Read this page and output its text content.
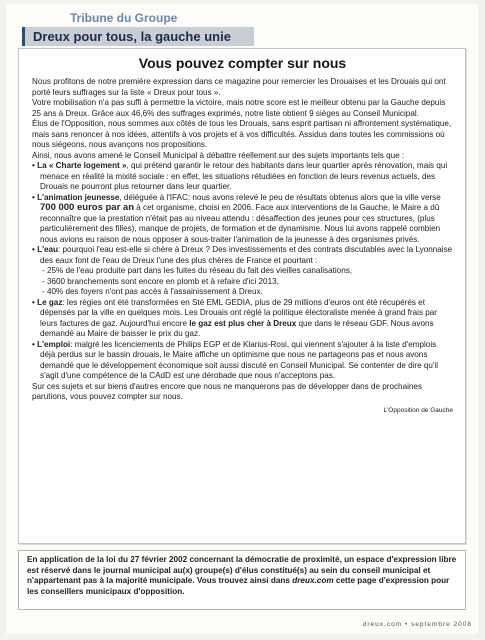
Tribune du Groupe
Dreux pour tous, la gauche unie
Vous pouvez compter sur nous

Nous profitons de notre première expression dans ce magazine pour remercier les Drouaises et les Drouais qui ont porté leurs suffrages sur la liste « Dreux pour tous ».

Votre mobilisation n'a pas suffi à permettre la victoire, mais notre score est le meilleur obtenu par la Gauche depuis 25 ans à Dreux. Grâce aux 46,6% des suffrages exprimés, notre liste obtient 9 sièges au Conseil Municipal.

Élus de l'Opposition, nous sommes aux côtés de tous les Drouais, sans esprit partisan ni affrontement systématique, mais sans renoncer à nos idées, attentifs à vos projets et à vos difficultés. Assidus dans toutes les commissions où nous siégeons, nous avançons nos propositions.

Ainsi, nous avons amené le Conseil Municipal à débattre réellement sur des sujets importants tels que :

• La « Charte logement », qui prétend garantir le retour des habitants dans leur quartier après rénovation, mais qui menace en réalité la mixité sociale : en effet, les situations rétudiées en fonction de leurs revenus actuels, des Drouais ne pourront plus retourner dans leur quartier.

• L'animation jeunesse, déléguée à l'IFAC: nous avons relevé le peu de résultats obtenus alors que la ville verse 700 000 euros par an à cet organisme, choisi en 2006. Face aux interventions de la Gauche, le Maire a dû reconnaître que la prestation n'était pas au niveau attendu : désaffection des jeunes pour ces structures, (plus particulièrement des filles), manque de projets, de formation et de dynamisme. Nous lui avons rappelé combien nous avions eu raison de nous opposer à sous-traiter l'animation de la jeunesse à des organismes privés.

• L'eau: pourquoi l'eau est-elle si chère à Dreux ? Des investissements et des contrats discutables avec la Lyonnaise des eaux font de l'eau de Dreux l'une des plus chères de France et pourtant :

- 25% de l'eau produite part dans les fuites du réseau du fait des vieilles canalisations,

- 3600 branchements sont encore en plomb et à refaire d'ici 2013,

- 40% des foyers n'ont pas accès à l'assainissement à Dreux.

• Le gaz: les régies ont été transformées en Sté EML GEDIA, plus de 29 millions d'euros ont été récupérés et dépensés par la ville en quelques mois. Les Drouais ont réglé la politique électoraliste menée à grand frais par leurs factures de gaz. Aujourd'hui encore le gaz est plus cher à Dreux que dans le réseau GDF. Nous avons demandé au Maire de baisser le prix du gaz.

• L'emploi: malgré les licenciements de Philips EGP et de Klarius-Rosi, qui viennent s'ajouter à la liste d'emplois déjà perdus sur le bassin drouais, le Maire affiche un optimisme que nous ne partageons pas et nous avons demandé que le développement économique soit aussi discuté en Conseil Municipal. Se contenter de dire qu'il s'agit d'une compétence de la CAdD est une dérobade que nous n'acceptons pas.

Sur ces sujets et sur biens d'autres encore que nous ne manquerons pas de développer dans de prochaines parutions, vous pouvez compter sur nous.

L'Opposition de Gauche
En application de la loi du 27 février 2002 concernant la démocratie de proximité, un espace d'expression libre est réservé dans le journal municipal au(x) groupe(s) d'élus constitué(s) au sein du conseil municipal et n'appartenant pas à la majorité municipale. Vous trouvez ainsi dans dreux.com cette page d'expression pour les conseillers municipaux d'opposition.
dreux.com • septembre 2008
